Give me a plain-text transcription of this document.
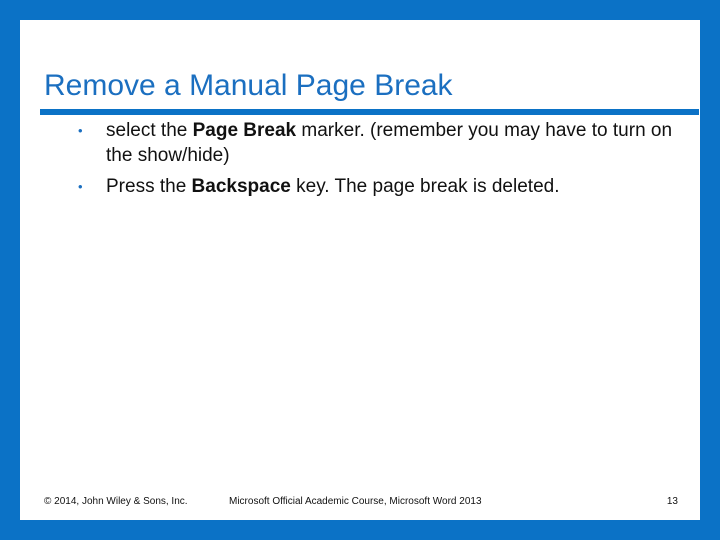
Remove a Manual Page Break
• select the Page Break marker. (remember you may have to turn on the show/hide)
• Press the Backspace key. The page break is deleted.
© 2014, John Wiley & Sons, Inc.	Microsoft Official Academic Course, Microsoft Word 2013	13
